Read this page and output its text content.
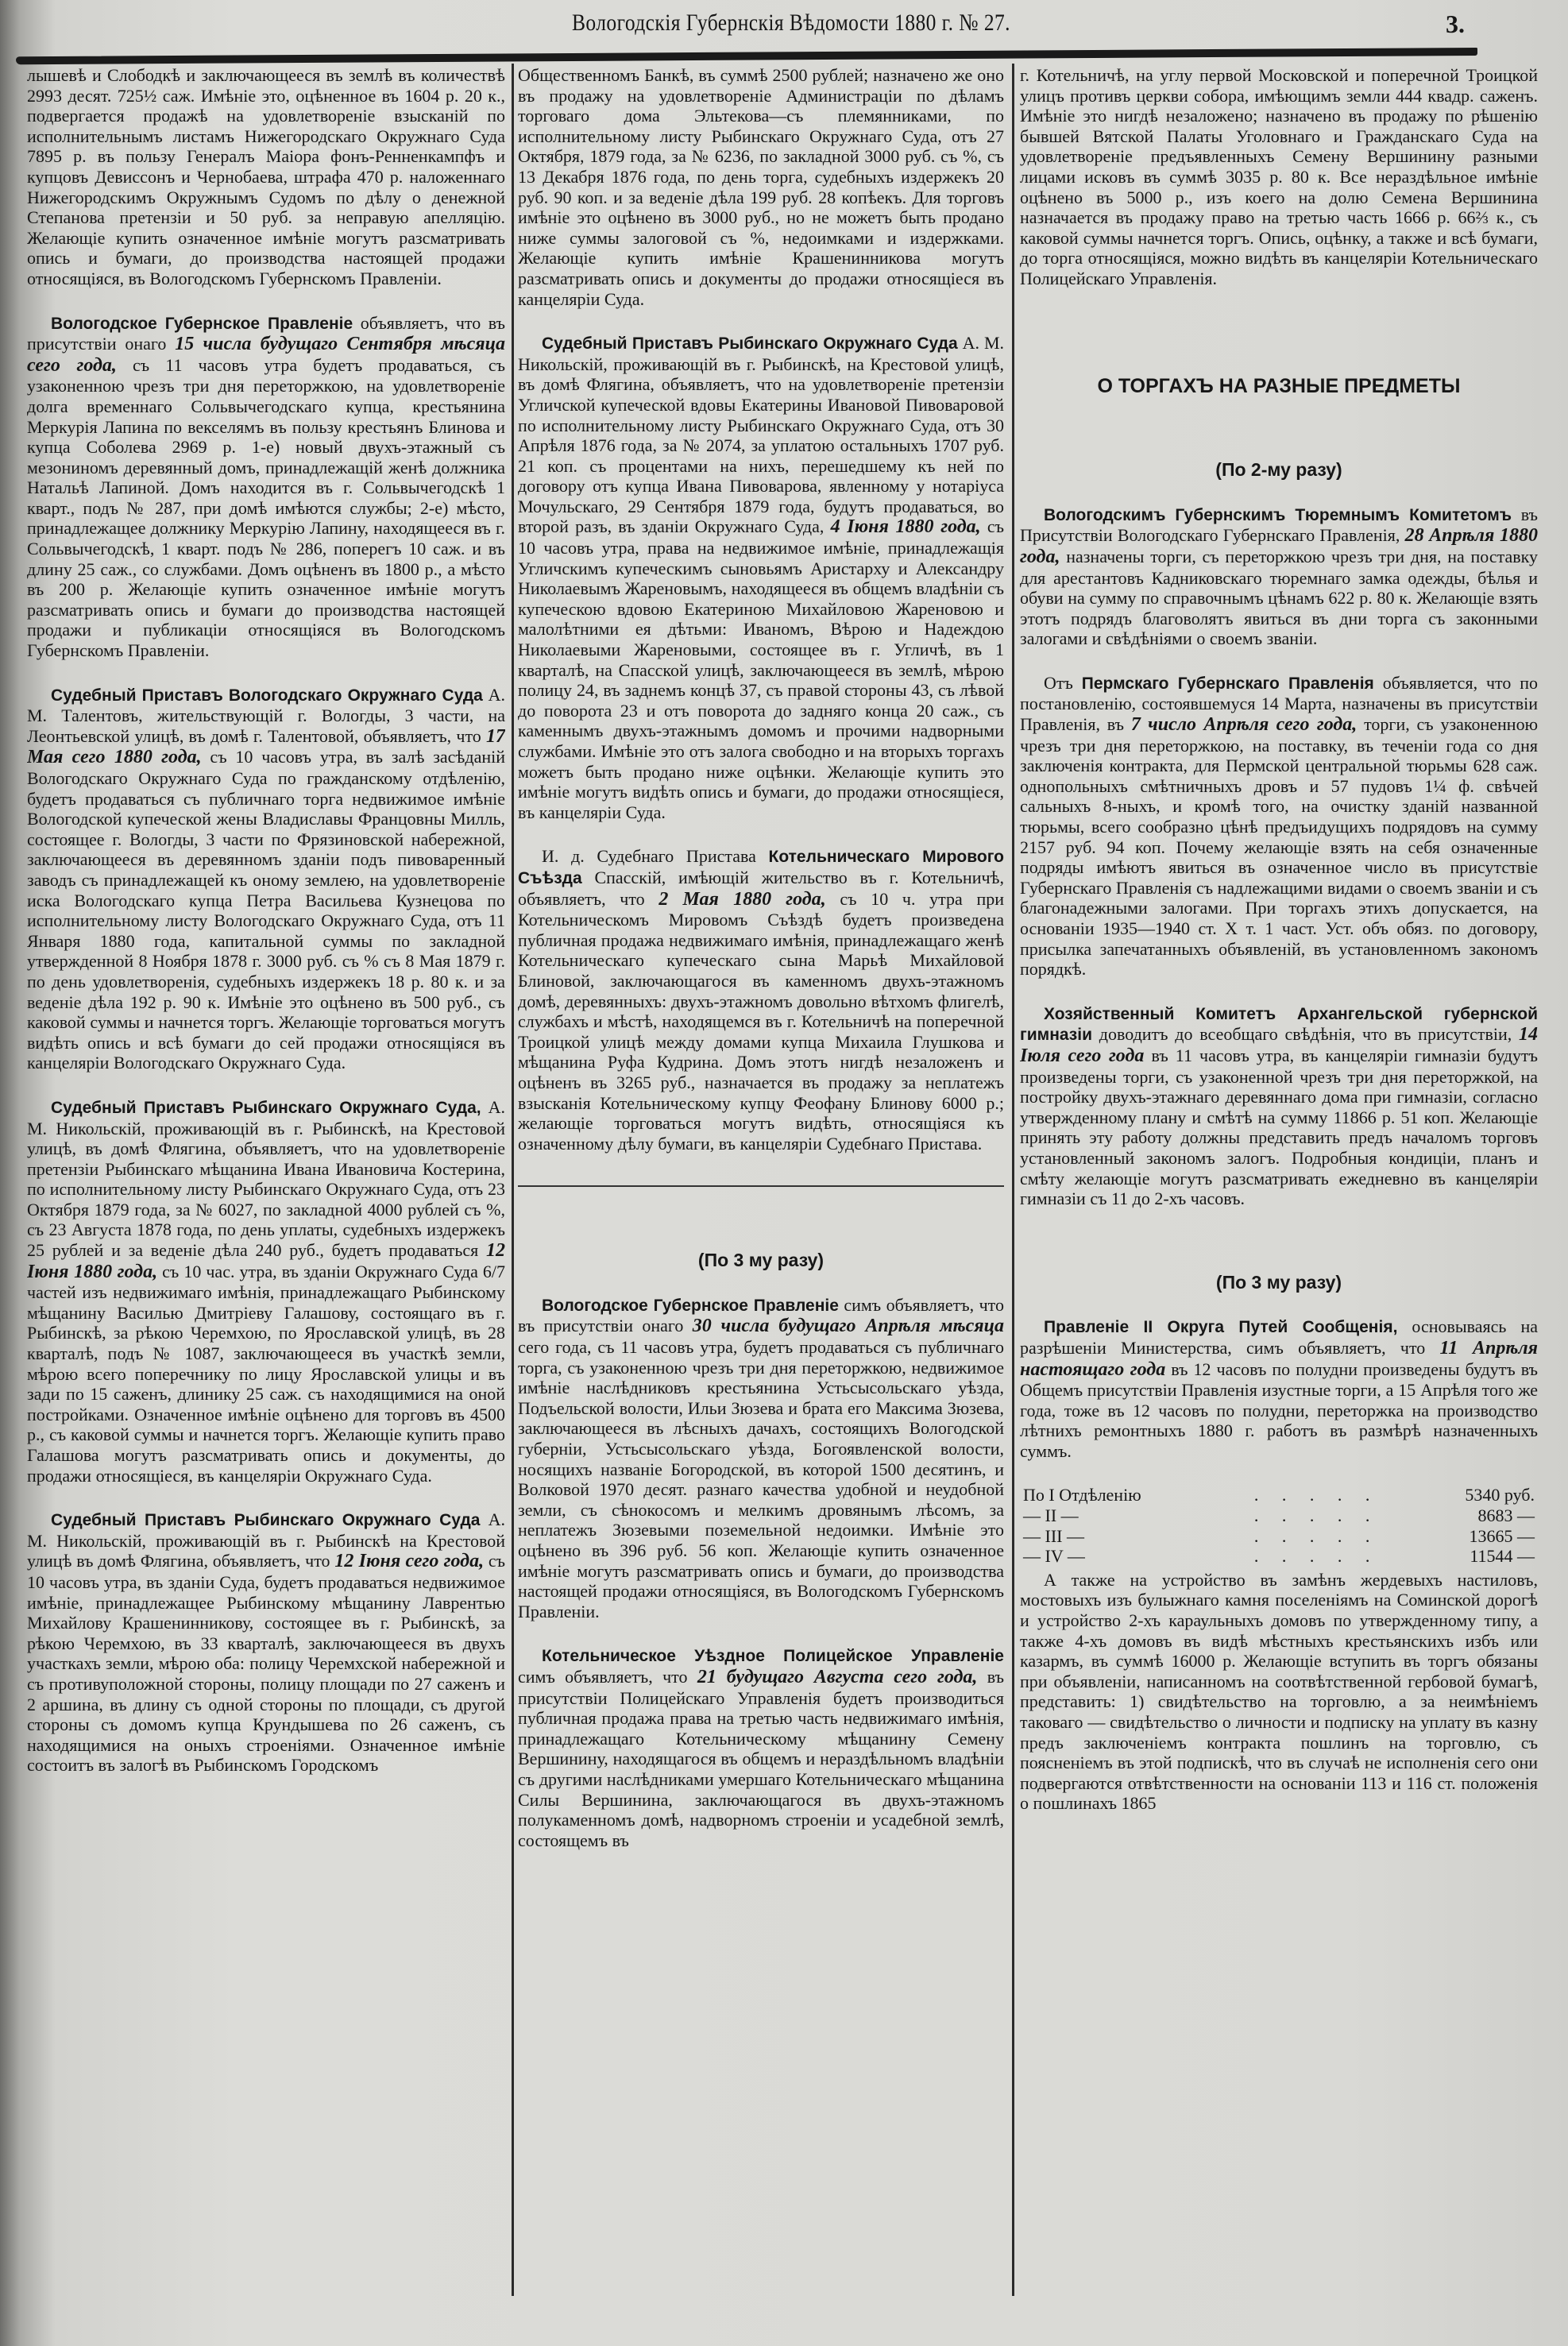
Вологодскія Губернскія Вѣдомости 1880 г. № 27.	3.

лышевѣ и Слободкѣ и заключающееся въ землѣ въ количествѣ 2993 десят. 725½ саж. Имѣніе это, оцѣненное въ 1604 р. 20 к., подвергается продажѣ на удовлетвореніе взысканій по исполнительнымъ листамъ Нижегородскаго Окружнаго Суда 7895 р. въ пользу Генералъ Маіора фонъ-Ренненкампфъ и купцовъ Девиссонъ и Чернобаева, штрафа 470 р. наложеннаго Нижегородскимъ Окружнымъ Судомъ по дѣлу о денежной Степанова претензіи и 50 руб. за неправую апелляцію. Желающіе купить означенное имѣніе могутъ разсматривать опись и бумаги, до производства настоящей продажи относящіяся, въ Вологодскомъ Губернскомъ Правленіи.

Вологодское Губернское Правленіе объявляетъ, что въ присутствіи онаго 15 числа будущаго Сентября мѣсяца сего года, съ 11 часовъ утра будетъ продаваться, съ узаконенною чрезъ три дня переторжкою, на удовлетвореніе долга временнаго Сольвычегодскаго купца, крестьянина Меркурія Лапина по векселямъ въ пользу крестьянъ Блинова и купца Соболева 2969 р. 1-е) новый двухъ-этажный съ мезониномъ деревянный домъ, принадлежащій женѣ должника Натальѣ Лапиной. Домъ находится въ г. Сольвычегодскѣ 1 кварт., подъ № 287, при домѣ имѣются службы; 2-е) мѣсто, принадлежащее должнику Меркурію Лапину, находящееся въ г. Сольвычегодскѣ, 1 кварт. подъ № 286, поперегъ 10 саж. и въ длину 25 саж., со службами. Домъ оцѣненъ въ 1800 р., а мѣсто въ 200 р. Желающіе купить означенное имѣніе могутъ разсматривать опись и бумаги до производства настоящей продажи и публикаціи относящіяся въ Вологодскомъ Губернскомъ Правленіи.

Судебный Приставъ Вологодскаго Окружнаго Суда А. М. Талентовъ, жительствующій г. Вологды, 3 части, на Леонтьевской улицѣ, въ домѣ г. Талентовой, объявляетъ, что 17 Мая сего 1880 года, съ 10 часовъ утра, въ залѣ засѣданій Вологодскаго Окружнаго Суда по гражданскому отдѣленію, будетъ продаваться съ публичнаго торга недвижимое имѣніе Вологодской купеческой жены Владиславы Францовны Милль, состоящее г. Вологды, 3 части по Фрязиновской набережной, заключающееся въ деревянномъ зданіи подъ пивоваренный заводъ съ принадлежащей къ оному землею, на удовлетвореніе иска Вологодскаго купца Петра Васильева Кузнецова по исполнительному листу Вологодскаго Окружнаго Суда, отъ 11 Января 1880 года, капитальной суммы по закладной утвержденной 8 Ноября 1878 г. 3000 руб. съ % съ 8 Мая 1879 г. по день удовлетворенія, судебныхъ издержекъ 18 р. 80 к. и за веденіе дѣла 192 р. 90 к. Имѣніе это оцѣнено въ 500 руб., съ каковой суммы и начнется торгъ. Желающіе торговаться могутъ видѣть опись и всѣ бумаги до сей продажи относящіяся въ канцеляріи Вологодскаго Окружнаго Суда.

Судебный Приставъ Рыбинскаго Окружнаго Суда, А. М. Никольскій, проживающій въ г. Рыбинскѣ, на Крестовой улицѣ, въ домѣ Флягина, объявляетъ, что на удовлетвореніе претензіи Рыбинскаго мѣщанина Ивана Ивановича Костерина, по исполнительному листу Рыбинскаго Окружнаго Суда, отъ 23 Октября 1879 года, за № 6027, по закладной 4000 рублей съ %, съ 23 Августа 1878 года, по день уплаты, судебныхъ издержекъ 25 рублей и за веденіе дѣла 240 руб., будетъ продаваться 12 Іюня 1880 года, съ 10 час. утра, въ зданіи Окружнаго Суда 6/7 частей изъ недвижимаго имѣнія, принадлежащаго Рыбинскому мѣщанину Василью Дмитріеву Галашову, состоящаго въ г. Рыбинскѣ, за рѣкою Черемхою, по Ярославской улицѣ, въ 28 кварталѣ, подъ № 1087, заключающееся въ участкѣ земли, мѣрою всего поперечнику по лицу Ярославской улицы и въ зади по 15 саженъ, длинику 25 саж. съ находящимися на оной постройками. Означенное имѣніе оцѣнено для торговъ въ 4500 р., съ каковой суммы и начнется торгъ. Желающіе купить право Галашова могутъ разсматривать опись и документы, до продажи относящіеся, въ канцеляріи Окружнаго Суда.

Судебный Приставъ Рыбинскаго Окружнаго Суда А. М. Никольскій, проживающій въ г. Рыбинскѣ на Крестовой улицѣ въ домѣ Флягина, объявляетъ, что 12 Іюня сего года, съ 10 часовъ утра, въ зданіи Суда, будетъ продаваться недвижимое имѣніе, принадлежащее Рыбинскому мѣщанину Лаврентью Михайлову Крашенинникову, состоящее въ г. Рыбинскѣ, за рѣкою Черемхою, въ 33 кварталѣ, заключающееся въ двухъ участкахъ земли, мѣрою оба: полицу Черемхской набережной и съ противуположной стороны, полицу площади по 27 саженъ и 2 аршина, въ длину съ одной стороны по площади, съ другой стороны съ домомъ купца Крундышева по 26 саженъ, съ находящимися на оныхъ строеніями. Означенное имѣніе состоитъ въ залогѣ въ Рыбинскомъ Городскомъ

Общественномъ Банкѣ, въ суммѣ 2500 рублей; назначено же оно въ продажу на удовлетвореніе Администраціи по дѣламъ торговаго дома Эльтекова—съ племянниками, по исполнительному листу Рыбинскаго Окружнаго Суда, отъ 27 Октября, 1879 года, за № 6236, по закладной 3000 руб. съ %, съ 13 Декабря 1876 года, по день торга, судебныхъ издержекъ 20 руб. 90 коп. и за веденіе дѣла 199 руб. 28 копѣекъ. Для торговъ имѣніе это оцѣнено въ 3000 руб., но не можетъ быть продано ниже суммы залоговой съ %, недоимками и издержками. Желающіе купить имѣніе Крашенинникова могутъ разсматривать опись и документы до продажи относящіеся въ канцеляріи Суда.

Судебный Приставъ Рыбинскаго Окружнаго Суда А. М. Никольскій, проживающій въ г. Рыбинскѣ, на Крестовой улицѣ, въ домѣ Флягина, объявляетъ, что на удовлетвореніе претензіи Угличской купеческой вдовы Екатерины Ивановой Пивоваровой по исполнительному листу Рыбинскаго Окружнаго Суда, отъ 30 Апрѣля 1876 года, за № 2074, за уплатою остальныхъ 1707 руб. 21 коп. съ процентами на нихъ, перешедшему къ ней по договору отъ купца Ивана Пивоварова, явленному у нотаріуса Мочульскаго, 29 Сентября 1879 года, будутъ продаваться, во второй разъ, въ зданіи Окружнаго Суда, 4 Іюня 1880 года, съ 10 часовъ утра, права на недвижимое имѣніе, принадлежащія Угличскимъ купеческимъ сыновьямъ Аристарху и Александру Николаевымъ Жареновымъ, находящееся въ общемъ владѣніи съ купеческою вдовою Екатериною Михайловою Жареновою и малолѣтними ея дѣтьми: Иваномъ, Вѣрою и Надеждою Николаевыми Жареновыми, состоящее въ г. Угличѣ, въ 1 кварталѣ, на Спасской улицѣ, заключающееся въ землѣ, мѣрою полицу 24, въ заднемъ концѣ 37, съ правой стороны 43, съ лѣвой до поворота 23 и отъ поворота до задняго конца 20 саж., съ каменнымъ двухъ-этажнымъ домомъ и прочими надворными службами. Имѣніе это отъ залога свободно и на вторыхъ торгахъ можетъ быть продано ниже оцѣнки. Желающіе купить это имѣніе могутъ видѣть опись и бумаги, до продажи относящіеся, въ канцеляріи Суда.

И. д. Судебнаго Пристава Котельническаго Мирового Съѣзда Спасскій, имѣющій жительство въ г. Котельничѣ, объявляетъ, что 2 Мая 1880 года, съ 10 ч. утра при Котельническомъ Мировомъ Съѣздѣ будетъ произведена публичная продажа недвижимаго имѣнія, принадлежащаго женѣ Котельническаго купеческаго сына Марьѣ Михайловой Блиновой, заключающагося въ каменномъ двухъ-этажномъ домѣ, деревянныхъ: двухъ-этажномъ довольно вѣтхомъ флигелѣ, службахъ и мѣстѣ, находящемся въ г. Котельничѣ на поперечной Троицкой улицѣ между домами купца Михаила Глушкова и мѣщанина Руфа Кудрина. Домъ этотъ нигдѣ незаложенъ и оцѣненъ въ 3265 руб., назначается въ продажу за неплатежъ взысканія Котельническому купцу Феофану Блинову 6000 р.; желающіе торговаться могутъ видѣть, относящіяся къ означенному дѣлу бумаги, въ канцеляріи Судебнаго Пристава.

(По 3 му разу)

Вологодское Губернское Правленіе симъ объявляетъ, что въ присутствіи онаго 30 числа будущаго Апрѣля мѣсяца сего года, съ 11 часовъ утра, будетъ продаваться съ публичнаго торга, съ узаконенною чрезъ три дня переторжкою, недвижимое имѣніе наслѣдниковъ крестьянина Устьсысольскаго уѣзда, Подъельской волости, Ильи Зюзева и брата его Максима Зюзева, заключающееся въ лѣсныхъ дачахъ, состоящихъ Вологодской губерніи, Устьсысольскаго уѣзда, Богоявленской волости, носящихъ названіе Богородской, въ которой 1500 десятинъ, и Волковой 1970 десят. разнаго качества удобной и неудобной земли, съ сѣнокосомъ и мелкимъ дровянымъ лѣсомъ, за неплатежъ Зюзевыми поземельной недоимки. Имѣніе это оцѣнено въ 396 руб. 56 коп. Желающіе купить означенное имѣніе могутъ разсматривать опись и бумаги, до производства настоящей продажи относящіяся, въ Вологодскомъ Губернскомъ Правленіи.

Котельническое Уѣздное Полицейское Управленіе симъ объявляетъ, что 21 будущаго Августа сего года, въ присутствіи Полицейскаго Управленія будетъ производиться публичная продажа права на третью часть недвижимаго имѣнія, принадлежащаго Котельническому мѣщанину Семену Вершинину, находящагося въ общемъ и нераздѣльномъ владѣніи съ другими наслѣдниками умершаго Котельническаго мѣщанина Силы Вершинина, заключающагося въ двухъ-этажномъ полукаменномъ домѣ, надворномъ строеніи и усадебной землѣ, состоящемъ въ

г. Котельничѣ, на углу первой Московской и поперечной Троицкой улицъ противъ церкви собора, имѣющимъ земли 444 квадр. саженъ. Имѣніе это нигдѣ незаложено; назначено въ продажу по рѣшенію бывшей Вятской Палаты Уголовнаго и Гражданскаго Суда на удовлетвореніе предъявленныхъ Семену Вершинину разными лицами исковъ въ суммѣ 3035 р. 80 к. Все нераздѣльное имѣніе оцѣнено въ 5000 р., изъ коего на долю Семена Вершинина назначается въ продажу право на третью часть 1666 р. 66⅔ к., съ каковой суммы начнется торгъ. Опись, оцѣнку, а также и всѣ бумаги, до торга относящіяся, можно видѣть въ канцеляріи Котельническаго Полицейскаго Управленія.

О ТОРГАХЪ НА РАЗНЫЕ ПРЕДМЕТЫ
(По 2-му разу)

Вологодскимъ Губернскимъ Тюремнымъ Комитетомъ въ Присутствіи Вологодскаго Губернскаго Правленія, 28 Апрѣля 1880 года, назначены торги, съ переторжкою чрезъ три дня, на поставку для арестантовъ Кадниковскаго тюремнаго замка одежды, бѣлья и обуви на сумму по справочнымъ цѣнамъ 622 р. 80 к. Желающіе взять этотъ подрядъ благоволятъ явиться въ дни торга съ законными залогами и свѣдѣніями о своемъ званіи.

Отъ Пермскаго Губернскаго Правленія объявляется, что по постановленію, состоявшемуся 14 Марта, назначены въ присутствіи Правленія, въ 7 число Апрѣля сего года, торги, съ узаконенною чрезъ три дня переторжкою, на поставку, въ теченіи года со дня заключенія контракта, для Пермской центральной тюрьмы 628 саж. однопольныхъ смѣтничныхъ дровъ и 57 пудовъ 1¼ ф. свѣчей сальныхъ 8-ныхъ, и кромѣ того, на очистку зданій названной тюрьмы, всего сообразно цѣнѣ предъидущихъ подрядовъ на сумму 2157 руб. 94 коп. Почему желающіе взять на себя означенные подряды имѣютъ явиться въ означенное число въ присутствіе Губернскаго Правленія съ надлежащими видами о своемъ званіи и съ благонадежными залогами. При торгахъ этихъ допускается, на основаніи 1935—1940 ст. X т. 1 част. Уст. объ обяз. по договору, присылка запечатанныхъ объявленій, въ установленномъ закономъ порядкѣ.

Хозяйственный Комитетъ Архангельской губернской гимназіи доводитъ до всеобщаго свѣдѣнія, что въ присутствіи, 14 Іюля сего года въ 11 часовъ утра, въ канцеляріи гимназіи будутъ произведены торги, съ узаконенной чрезъ три дня переторжкой, на постройку двухъ-этажнаго деревяннаго дома при гимназіи, согласно утвержденному плану и смѣтѣ на сумму 11866 р. 51 коп. Желающіе принять эту работу должны представить предъ началомъ торговъ установленный закономъ залогъ. Подробныя кондиціи, планъ и смѣту желающіе могутъ разсматривать ежедневно въ канцеляріи гимназіи съ 11 до 2-хъ часовъ.

(По 3 му разу)

Правленіе II Округа Путей Сообщенія, основываясь на разрѣшеніи Министерства, симъ объявляетъ, что 11 Апрѣля настоящаго года въ 12 часовъ по полудни произведены будутъ въ Общемъ присутствіи Правленія изустные торги, а 15 Апрѣля того же года, тоже въ 12 часовъ по полудни, переторжка на производство лѣтнихъ ремонтныхъ 1880 г. работъ въ размѣрѣ назначенныхъ суммъ.

По I Отдѣленію	. . . . .	5340 руб.
— II —	. . . . .	8683 —
— III —	. . . . .	13665 —
— IV —	. . . . .	11544 —

А также на устройство въ замѣнъ жердевыхъ настиловъ, мостовыхъ изъ булыжнаго камня поселеніямъ на Соминской дорогѣ и устройство 2-хъ караульныхъ домовъ по утвержденному типу, а также 4-хъ домовъ въ видѣ мѣстныхъ крестьянскихъ избъ или казармъ, въ суммѣ 16000 р. Желающіе вступить въ торгъ обязаны при объявленіи, написанномъ на соотвѣтственной гербовой бумагѣ, представить: 1) свидѣтельство на торговлю, а за неимѣніемъ таковаго — свидѣтельство о личности и подписку на уплату въ казну предъ заключеніемъ контракта пошлинъ на торговлю, съ поясненіемъ въ этой подпискѣ, что въ случаѣ не исполненія сего они подвергаются отвѣтственности на основаніи 113 и 116 ст. положенія о пошлинахъ 1865
